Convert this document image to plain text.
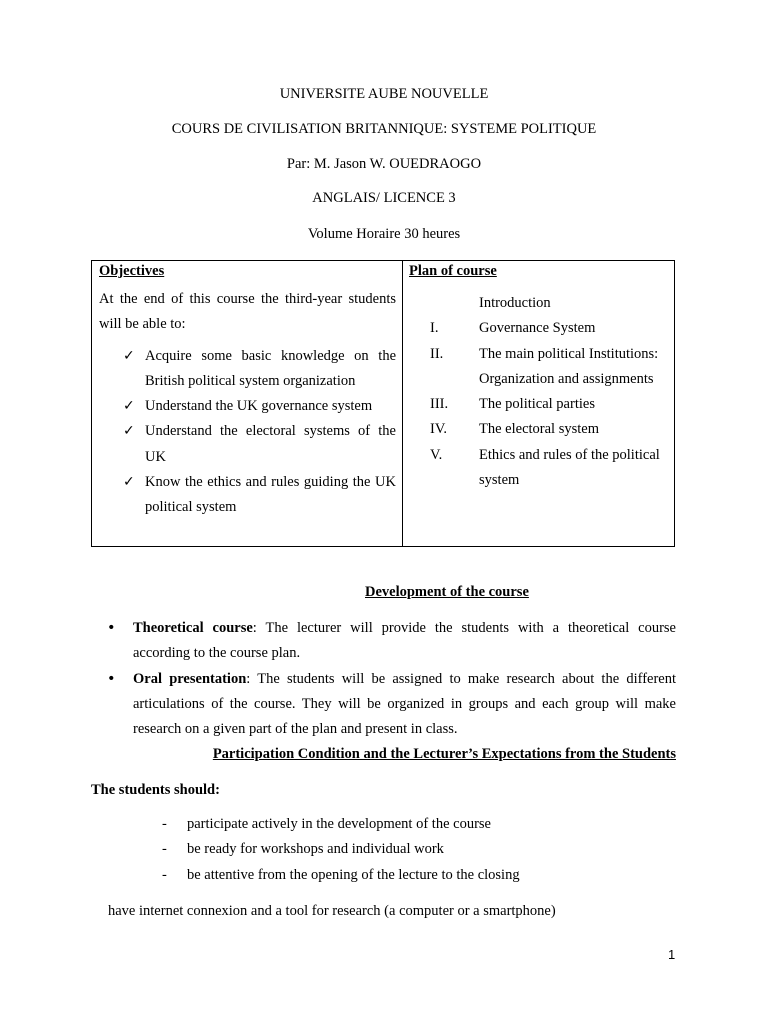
UNIVERSITE AUBE NOUVELLE
COURS DE CIVILISATION BRITANNIQUE: SYSTEME POLITIQUE
Par: M. Jason W. OUEDRAOGO
ANGLAIS/ LICENCE 3
Volume Horaire 30 heures
Objectives
At the end of this course the third-year students will be able to:
✓ Acquire some basic knowledge on the British political system organization
✓ Understand the UK governance system
✓ Understand the electoral systems of the UK
✓ Know the ethics and rules guiding the UK political system
Plan of course
Introduction
I.	Governance System
II. The main political Institutions: Organization and assignments
III. The political parties
IV. The electoral system
V.	Ethics and rules of the political system
Development of the course
• Theoretical course: The lecturer will provide the students with a theoretical course according to the course plan.
• Oral presentation: The students will be assigned to make research about the different articulations of the course. They will be organized in groups and each group will make research on a given part of the plan and present in class.
Participation Condition and the Lecturer’s Expectations from the Students
The students should:
- participate actively in the development of the course
- be ready for workshops and individual work
- be attentive from the opening of the lecture to the closing
have internet connexion and a tool for research (a computer or a smartphone)
1
